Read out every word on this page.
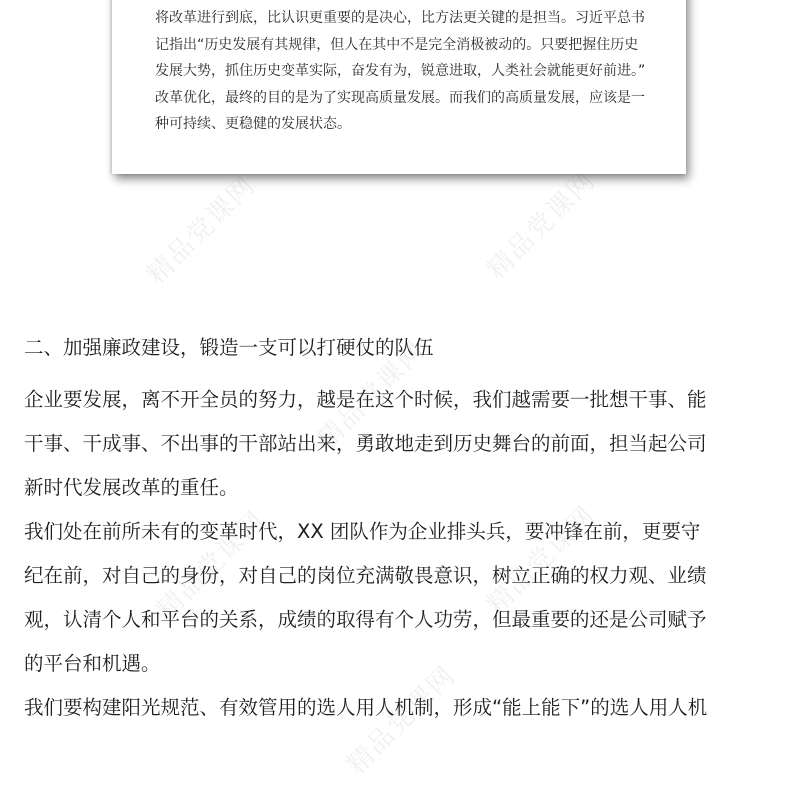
精品党课网	精品党课网
精品党课网
精品党课网	精品党课网
精品党课网
将改革进行到底，比认识更重要的是决心，比方法更关键的是担当。习近平总书
记指出“历史发展有其规律，但人在其中不是完全消极被动的。只要把握住历史
发展大势，抓住历史变革实际，奋发有为，锐意进取，人类社会就能更好前进。”
改革优化，最终的目的是为了实现高质量发展。而我们的高质量发展，应该是一
种可持续、更稳健的发展状态。
二、加强廉政建设，锻造一支可以打硬仗的队伍
企业要发展，离不开全员的努力，越是在这个时候，我们越需要一批想干事、能
干事、干成事、不出事的干部站出来，勇敢地走到历史舞台的前面，担当起公司
新时代发展改革的重任。
我们处在前所未有的变革时代，XX 团队作为企业排头兵，要冲锋在前，更要守
纪在前，对自己的身份，对自己的岗位充满敬畏意识，树立正确的权力观、业绩
观，认清个人和平台的关系，成绩的取得有个人功劳，但最重要的还是公司赋予
的平台和机遇。
我们要构建阳光规范、有效管用的选人用人机制，形成“能上能下”的选人用人机
